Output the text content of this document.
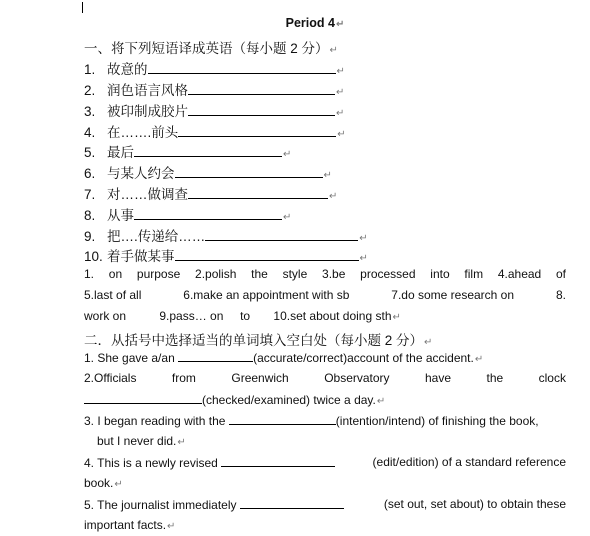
Period 4↵
一、将下列短语译成英语（每小题 2 分）↵
1. 故意的	↵
2. 润色语言风格	↵
3. 被印制成胶片	↵
4. 在…….前头	↵
5. 最后	↵
6. 与某人约会	↵
7. 对……做调查	↵
8. 从事	↵
9. 把….传递给……	↵
10. 着手做某事	↵
1. on purpose 2.polish the style 3.be processed into film 4.ahead of
5.last of all	6.make an appointment with sb	7.do some research on	8.
work on          9.pass… on     to       10.set about doing sth↵
二．从括号中选择适当的单词填入空白处（每小题 2 分）↵
1. She gave a/an	(accurate/correct)account of the accident.↵
2.Officials	from	Greenwich	Observatory	have	the	clock
(checked/examined) twice a day.↵
3. I began reading with the	(intention/intend) of finishing the book,
but I never did.↵
4. This is a newly revised	(edit/edition) of a standard reference
book.↵
5. The journalist immediately	(set out, set about) to obtain these
important facts.↵
